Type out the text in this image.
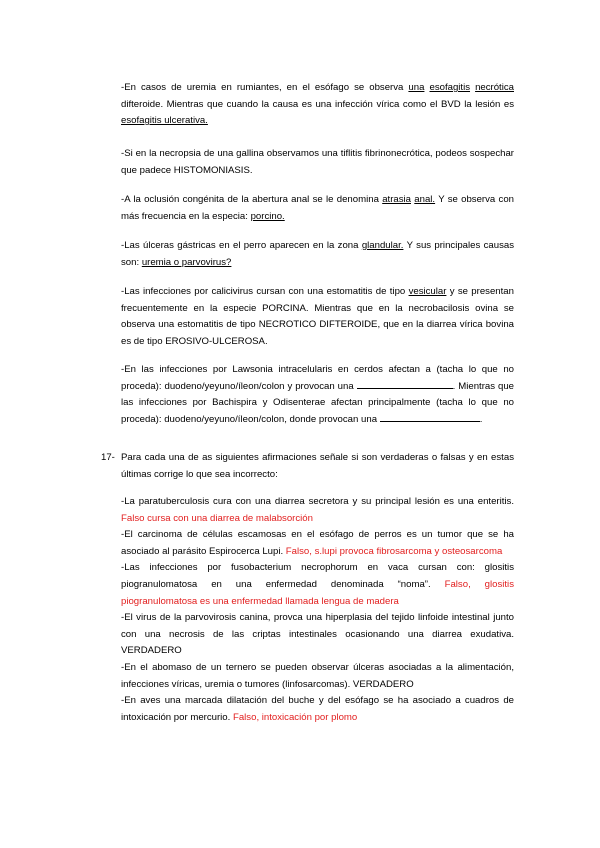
-En casos de uremia en rumiantes, en el esófago se observa una esofagitis necrótica difteroide. Mientras que cuando la causa es una infección vírica como el BVD la lesión es esofagitis ulcerativa.

-Si en la necropsia de una gallina observamos una tiflitis fibrinonecrótica, podeos sospechar que padece HISTOMONIASIS.

-A la oclusión congénita de la abertura anal se le denomina atrasia anal. Y se observa con más frecuencia en la especia: porcino.

-Las úlceras gástricas en el perro aparecen en la zona glandular. Y sus principales causas son: uremia o parvovirus?

-Las infecciones por calicivirus cursan con una estomatitis de tipo vesicular y se presentan frecuentemente en la especie PORCINA. Mientras que en la necrobacilosis ovina se observa una estomatitis de tipo NECROTICO DIFTEROIDE, que en la diarrea vírica bovina es de tipo EROSIVO-ULCEROSA.

-En las infecciones por Lawsonia intracelularis en cerdos afectan a (tacha lo que no proceda): duodeno/yeyuno/íleon/colon y provocan una	. Mientras que las infecciones por Bachispira y Odisenterae afectan principalmente (tacha lo que no proceda): duodeno/yeyuno/íleon/colon, donde provocan una	.

17- Para cada una de as siguientes afirmaciones señale si son verdaderas o falsas y en estas últimas corrige lo que sea incorrecto:

-La paratuberculosis cura con una diarrea secretora y su principal lesión es una enteritis. Falso cursa con una diarrea de malabsorción
-El carcinoma de células escamosas en el esófago de perros es un tumor que se ha asociado al parásito Espirocerca Lupi. Falso, s.lupi provoca fibrosarcoma y osteosarcoma
-Las infecciones por fusobacterium necrophorum en vaca cursan con: glositis piogranulomatosa en una enfermedad denominada “noma”. Falso, glositis piogranulomatosa es una enfermedad llamada lengua de madera
-El virus de la parvovirosis canina, provca una hiperplasia del tejido linfoide intestinal junto con una necrosis de las criptas intestinales ocasionando una diarrea exudativa. VERDADERO
-En el abomaso de un ternero se pueden observar úlceras asociadas a la alimentación, infecciones víricas, uremia o tumores (linfosarcomas). VERDADERO
-En aves una marcada dilatación del buche y del esófago se ha asociado a cuadros de intoxicación por mercurio. Falso, intoxicación por plomo
